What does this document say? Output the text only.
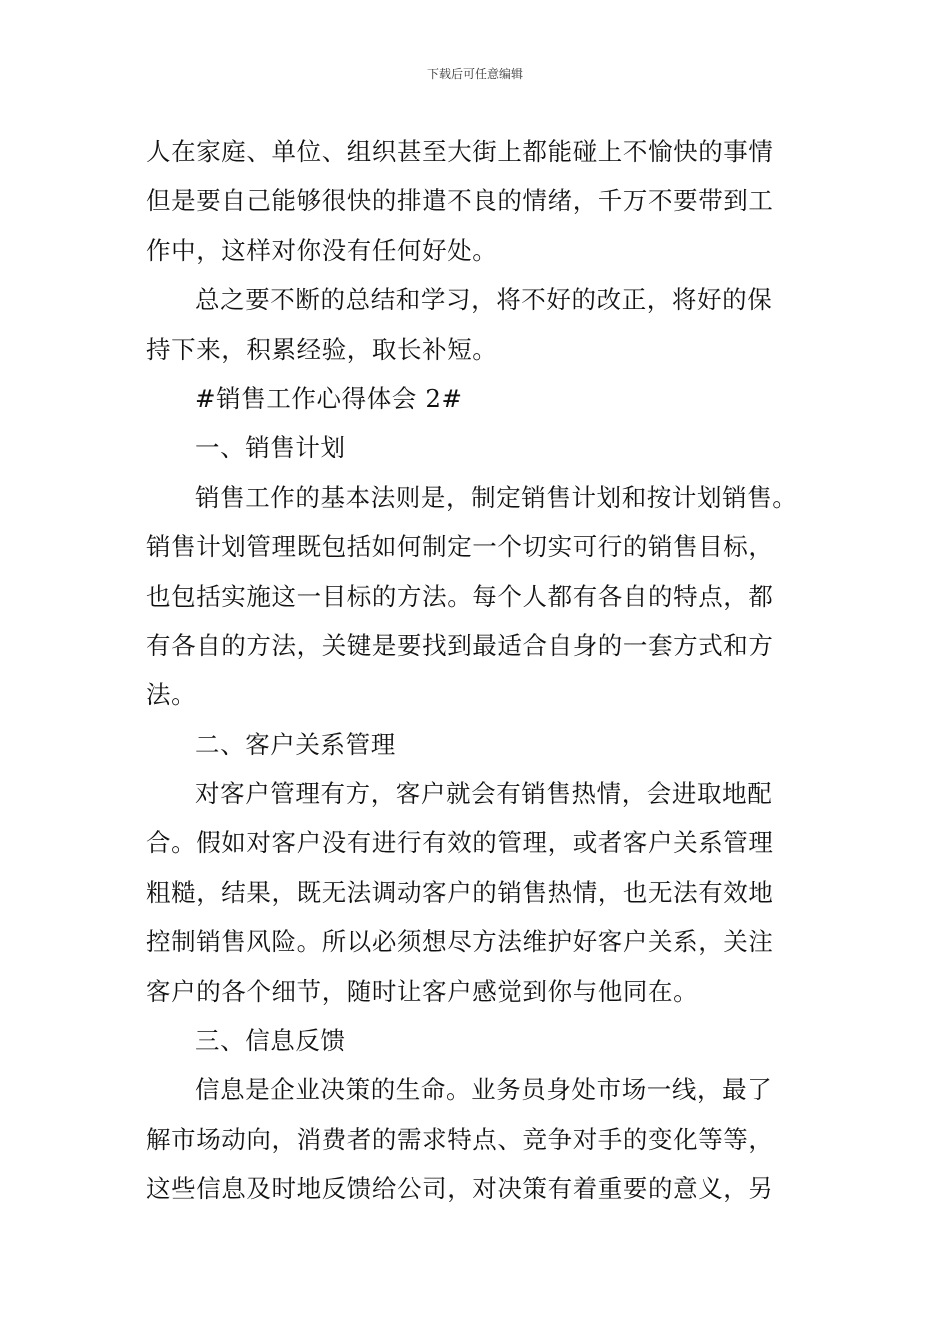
下载后可任意编辑
人在家庭、单位、组织甚至大街上都能碰上不愉快的事情
但是要自己能够很快的排遣不良的情绪，千万不要带到工
作中，这样对你没有任何好处。
总之要不断的总结和学习，将不好的改正，将好的保
持下来，积累经验，取长补短。
#销售工作心得体会 2#
一、销售计划
销售工作的基本法则是，制定销售计划和按计划销售。
销售计划管理既包括如何制定一个切实可行的销售目标，
也包括实施这一目标的方法。每个人都有各自的特点，都
有各自的方法，关键是要找到最适合自身的一套方式和方
法。
二、客户关系管理
对客户管理有方，客户就会有销售热情，会进取地配
合。假如对客户没有进行有效的管理，或者客户关系管理
粗糙，结果，既无法调动客户的销售热情，也无法有效地
控制销售风险。所以必须想尽方法维护好客户关系，关注
客户的各个细节，随时让客户感觉到你与他同在。
三、信息反馈
信息是企业决策的生命。业务员身处市场一线，最了
解市场动向，消费者的需求特点、竞争对手的变化等等，
这些信息及时地反馈给公司，对决策有着重要的意义，另
